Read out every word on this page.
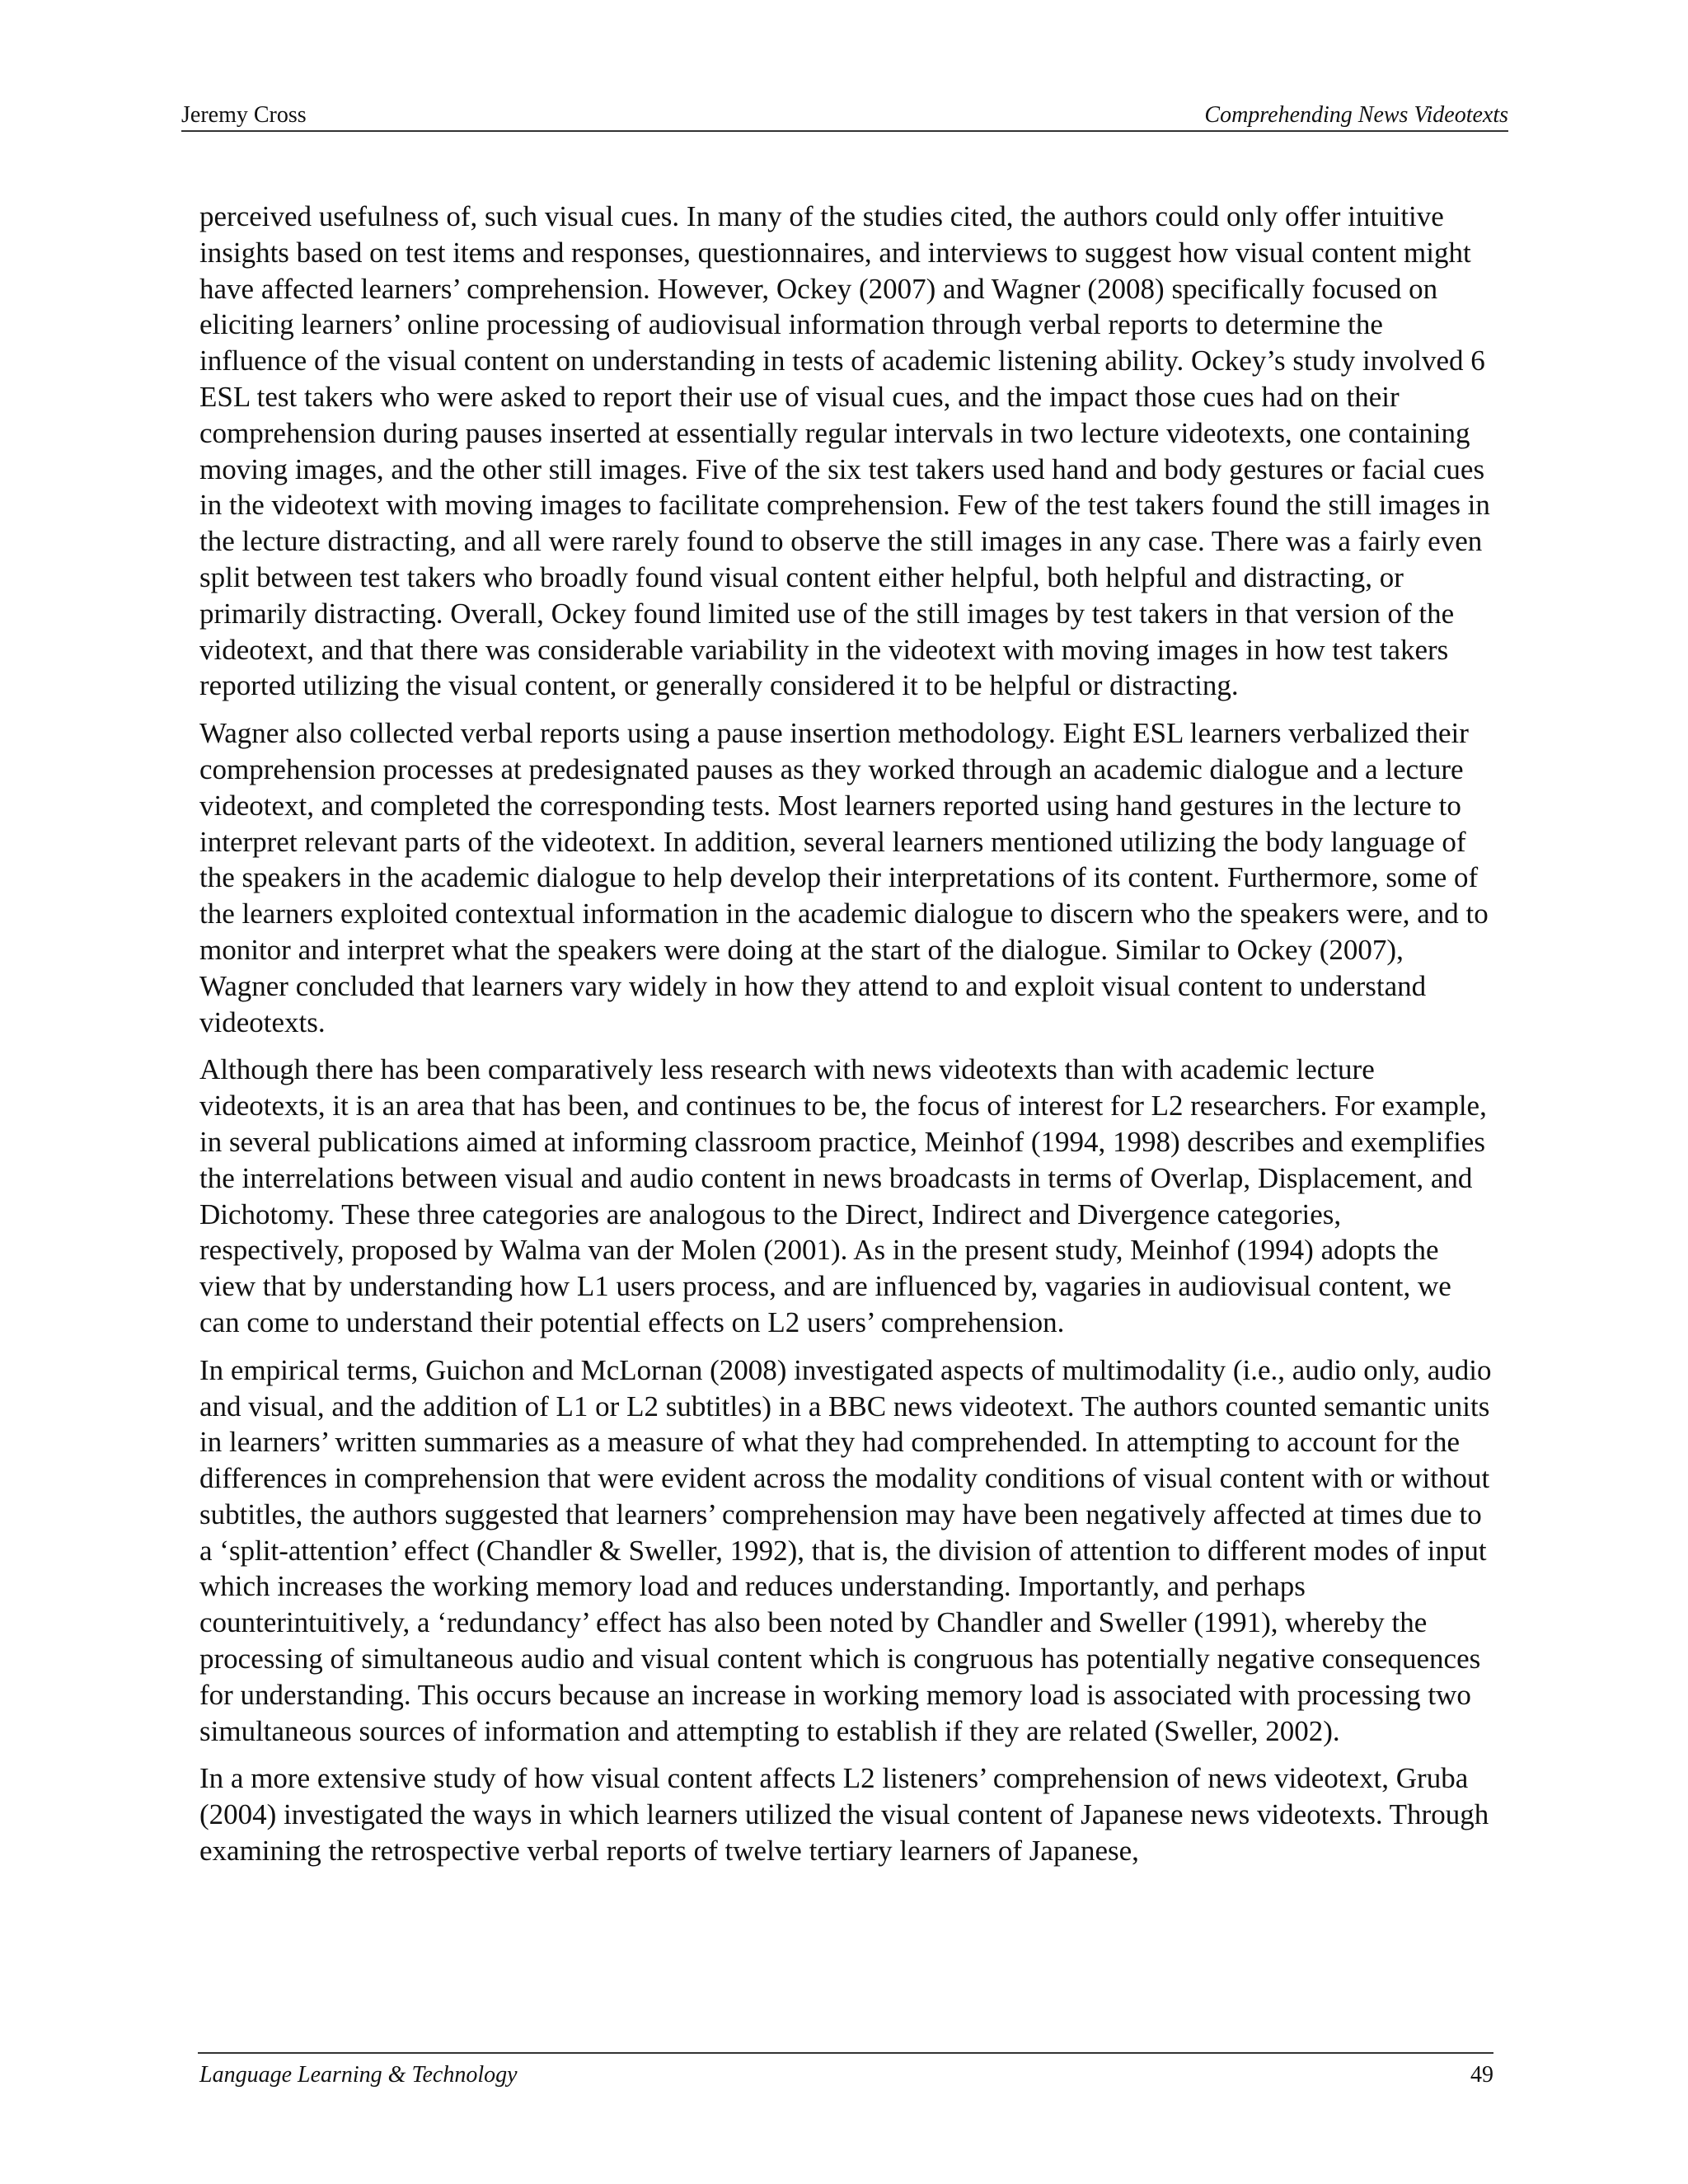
Jeremy Cross	Comprehending News Videotexts

perceived usefulness of, such visual cues. In many of the studies cited, the authors could only offer intuitive insights based on test items and responses, questionnaires, and interviews to suggest how visual content might have affected learners’ comprehension. However, Ockey (2007) and Wagner (2008) specifically focused on eliciting learners’ online processing of audiovisual information through verbal reports to determine the influence of the visual content on understanding in tests of academic listening ability. Ockey’s study involved 6 ESL test takers who were asked to report their use of visual cues, and the impact those cues had on their comprehension during pauses inserted at essentially regular intervals in two lecture videotexts, one containing moving images, and the other still images. Five of the six test takers used hand and body gestures or facial cues in the videotext with moving images to facilitate comprehension. Few of the test takers found the still images in the lecture distracting, and all were rarely found to observe the still images in any case. There was a fairly even split between test takers who broadly found visual content either helpful, both helpful and distracting, or primarily distracting. Overall, Ockey found limited use of the still images by test takers in that version of the videotext, and that there was considerable variability in the videotext with moving images in how test takers reported utilizing the visual content, or generally considered it to be helpful or distracting.

Wagner also collected verbal reports using a pause insertion methodology. Eight ESL learners verbalized their comprehension processes at predesignated pauses as they worked through an academic dialogue and a lecture videotext, and completed the corresponding tests. Most learners reported using hand gestures in the lecture to interpret relevant parts of the videotext. In addition, several learners mentioned utilizing the body language of the speakers in the academic dialogue to help develop their interpretations of its content. Furthermore, some of the learners exploited contextual information in the academic dialogue to discern who the speakers were, and to monitor and interpret what the speakers were doing at the start of the dialogue. Similar to Ockey (2007), Wagner concluded that learners vary widely in how they attend to and exploit visual content to understand videotexts.

Although there has been comparatively less research with news videotexts than with academic lecture videotexts, it is an area that has been, and continues to be, the focus of interest for L2 researchers. For example, in several publications aimed at informing classroom practice, Meinhof (1994, 1998) describes and exemplifies the interrelations between visual and audio content in news broadcasts in terms of Overlap, Displacement, and Dichotomy. These three categories are analogous to the Direct, Indirect and Divergence categories, respectively, proposed by Walma van der Molen (2001). As in the present study, Meinhof (1994) adopts the view that by understanding how L1 users process, and are influenced by, vagaries in audiovisual content, we can come to understand their potential effects on L2 users’ comprehension.

In empirical terms, Guichon and McLornan (2008) investigated aspects of multimodality (i.e., audio only, audio and visual, and the addition of L1 or L2 subtitles) in a BBC news videotext. The authors counted semantic units in learners’ written summaries as a measure of what they had comprehended. In attempting to account for the differences in comprehension that were evident across the modality conditions of visual content with or without subtitles, the authors suggested that learners’ comprehension may have been negatively affected at times due to a ‘split-attention’ effect (Chandler & Sweller, 1992), that is, the division of attention to different modes of input which increases the working memory load and reduces understanding. Importantly, and perhaps counterintuitively, a ‘redundancy’ effect has also been noted by Chandler and Sweller (1991), whereby the processing of simultaneous audio and visual content which is congruous has potentially negative consequences for understanding. This occurs because an increase in working memory load is associated with processing two simultaneous sources of information and attempting to establish if they are related (Sweller, 2002).

In a more extensive study of how visual content affects L2 listeners’ comprehension of news videotext, Gruba (2004) investigated the ways in which learners utilized the visual content of Japanese news videotexts. Through examining the retrospective verbal reports of twelve tertiary learners of Japanese,

Language Learning & Technology	49
